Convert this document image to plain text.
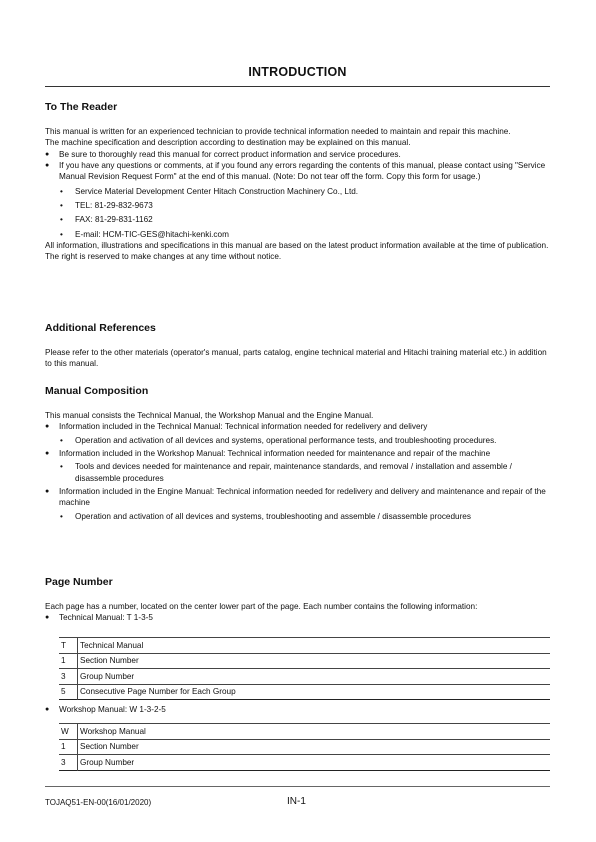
INTRODUCTION
To The Reader

This manual is written for an experienced technician to provide technical information needed to maintain and repair this machine.

The machine specification and description according to destination may be explained on this manual.

● Be sure to thoroughly read this manual for correct product information and service procedures.
● If you have any questions or comments, at if you found any errors regarding the contents of this manual, please contact using "Service Manual Revision Request Form" at the end of this manual. (Note: Do not tear off the form. Copy this form for usage.)
• Service Material Development Center Hitach Construction Machinery Co., Ltd.
• TEL: 81-29-832-9673
• FAX: 81-29-831-1162
• E-mail: HCM-TIC-GES@hitachi-kenki.com

All information, illustrations and specifications in this manual are based on the latest product information available at the time of publication. The right is reserved to make changes at any time without notice.

Additional References

Please refer to the other materials (operator's manual, parts catalog, engine technical material and Hitachi training material etc.) in addition to this manual.

Manual Composition

This manual consists the Technical Manual, the Workshop Manual and the Engine Manual.

● Information included in the Technical Manual: Technical information needed for redelivery and delivery
• Operation and activation of all devices and systems, operational performance tests, and troubleshooting procedures.
● Information included in the Workshop Manual: Technical information needed for maintenance and repair of the machine
• Tools and devices needed for maintenance and repair, maintenance standards, and removal / installation and assemble / disassemble procedures
● Information included in the Engine Manual: Technical information needed for redelivery and delivery and maintenance and repair of the machine
• Operation and activation of all devices and systems, troubleshooting and assemble / disassemble procedures
Page Number

Each page has a number, located on the center lower part of the page. Each number contains the following information:

● Technical Manual: T 1-3-5
T	Technical Manual
1	Section Number
3	Group Number
5	Consecutive Page Number for Each Group
● Workshop Manual: W 1-3-2-5
W	Workshop Manual
1	Section Number
3	Group Number
TOJAQ51-EN-00(16/01/2020)	IN-1
